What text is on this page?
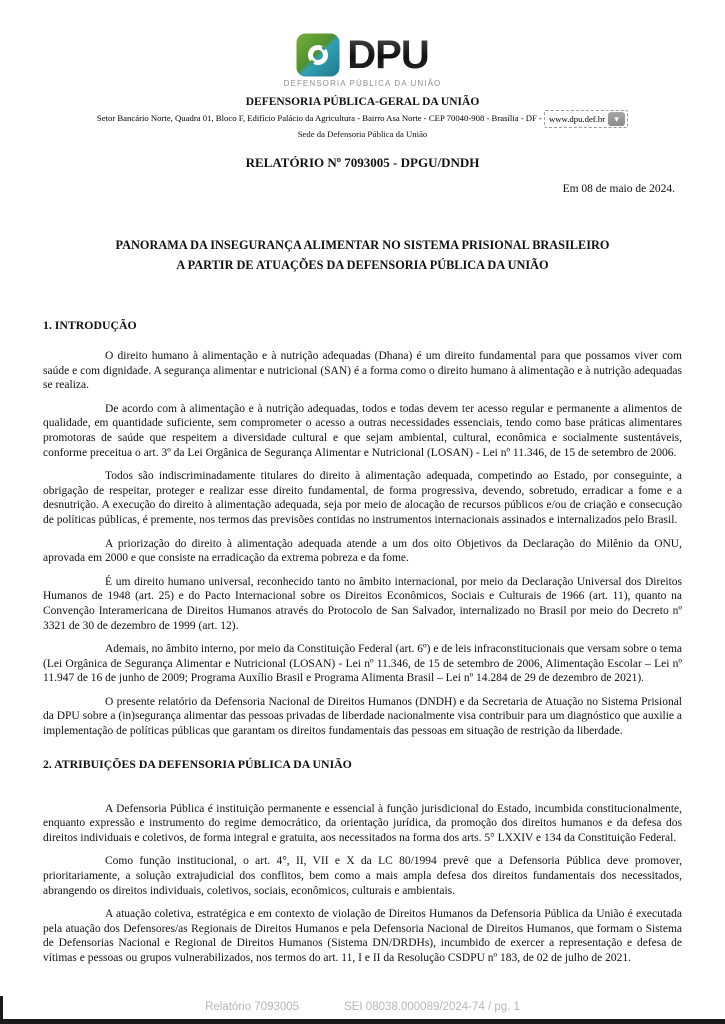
DPU
DEFENSORIA PÚBLICA DA UNIÃO
DEFENSORIA PÚBLICA-GERAL DA UNIÃO
Setor Bancário Norte, Quadra 01, Bloco F, Edifício Palácio da Agricultura - Bairro Asa Norte - CEP 70040-908 - Brasília - DF - www.dpu.def.br ▾
Sede da Defensoria Pública da União
RELATÓRIO Nº 7093005 - DPGU/DNDH
Em 08 de maio de 2024.
PANORAMA DA INSEGURANÇA ALIMENTAR NO SISTEMA PRISIONAL BRASILEIRO
A PARTIR DE ATUAÇÕES DA DEFENSORIA PÚBLICA DA UNIÃO
1. INTRODUÇÃO

O direito humano à alimentação e à nutrição adequadas (Dhana) é um direito fundamental para que possamos viver com saúde e com dignidade. A segurança alimentar e nutricional (SAN) é a forma como o direito humano à alimentação e à nutrição adequadas se realiza.

De acordo com à alimentação e à nutrição adequadas, todos e todas devem ter acesso regular e permanente a alimentos de qualidade, em quantidade suficiente, sem comprometer o acesso a outras necessidades essenciais, tendo como base práticas alimentares promotoras de saúde que respeitem a diversidade cultural e que sejam ambiental, cultural, econômica e socialmente sustentáveis, conforme preceitua o art. 3º da Lei Orgânica de Segurança Alimentar e Nutricional (LOSAN) - Lei nº 11.346, de 15 de setembro de 2006.

Todos são indiscriminadamente titulares do direito à alimentação adequada, competindo ao Estado, por conseguinte, a obrigação de respeitar, proteger e realizar esse direito fundamental, de forma progressiva, devendo, sobretudo, erradicar a fome e a desnutrição. A execução do direito à alimentação adequada, seja por meio de alocação de recursos públicos e/ou de criação e consecução de políticas públicas, é premente, nos termos das previsões contidas no instrumentos internacionais assinados e internalizados pelo Brasil.

A priorização do direito à alimentação adequada atende a um dos oito Objetivos da Declaração do Milênio da ONU, aprovada em 2000 e que consiste na erradicação da extrema pobreza e da fome.

É um direito humano universal, reconhecido tanto no âmbito internacional, por meio da Declaração Universal dos Direitos Humanos de 1948 (art. 25) e do Pacto Internacional sobre os Direitos Econômicos, Sociais e Culturais de 1966 (art. 11), quanto na Convenção Interamericana de Direitos Humanos através do Protocolo de San Salvador, internalizado no Brasil por meio do Decreto nº 3321 de 30 de dezembro de 1999 (art. 12).

Ademais, no âmbito interno, por meio da Constituição Federal (art. 6º) e de leis infraconstitucionais que versam sobre o tema (Lei Orgânica de Segurança Alimentar e Nutricional (LOSAN) - Lei nº 11.346, de 15 de setembro de 2006, Alimentação Escolar – Lei nº 11.947 de 16 de junho de 2009; Programa Auxílio Brasil e Programa Alimenta Brasil – Lei nº 14.284 de 29 de dezembro de 2021).

O presente relatório da Defensoria Nacional de Direitos Humanos (DNDH) e da Secretaria de Atuação no Sistema Prisional da DPU sobre a (in)segurança alimentar das pessoas privadas de liberdade nacionalmente visa contribuir para um diagnóstico que auxilie a implementação de políticas públicas que garantam os direitos fundamentais das pessoas em situação de restrição da liberdade.

2. ATRIBUIÇÕES DA DEFENSORIA PÚBLICA DA UNIÃO

A Defensoria Pública é instituição permanente e essencial à função jurisdicional do Estado, incumbida constitucionalmente, enquanto expressão e instrumento do regime democrático, da orientação jurídica, da promoção dos direitos humanos e da defesa dos direitos individuais e coletivos, de forma integral e gratuita, aos necessitados na forma dos arts. 5° LXXIV e 134 da Constituição Federal.

Como função institucional, o art. 4°, II, VII e X da LC 80/1994 prevê que a Defensoria Pública deve promover, prioritariamente, a solução extrajudicial dos conflitos, bem como a mais ampla defesa dos direitos fundamentais dos necessitados, abrangendo os direitos individuais, coletivos, sociais, econômicos, culturais e ambientais.

A atuação coletiva, estratégica e em contexto de violação de Direitos Humanos da Defensoria Pública da União é executada pela atuação dos Defensores/as Regionais de Direitos Humanos e pela Defensoria Nacional de Direitos Humanos, que formam o Sistema de Defensorias Nacional e Regional de Direitos Humanos (Sistema DN/DRDHs), incumbido de exercer a representação e defesa de vítimas e pessoas ou grupos vulnerabilizados, nos termos do art. 11, I e II da Resolução CSDPU nº 183, de 02 de julho de 2021.

Relatório 7093005	SEI 08038.000089/2024-74 / pg. 1
